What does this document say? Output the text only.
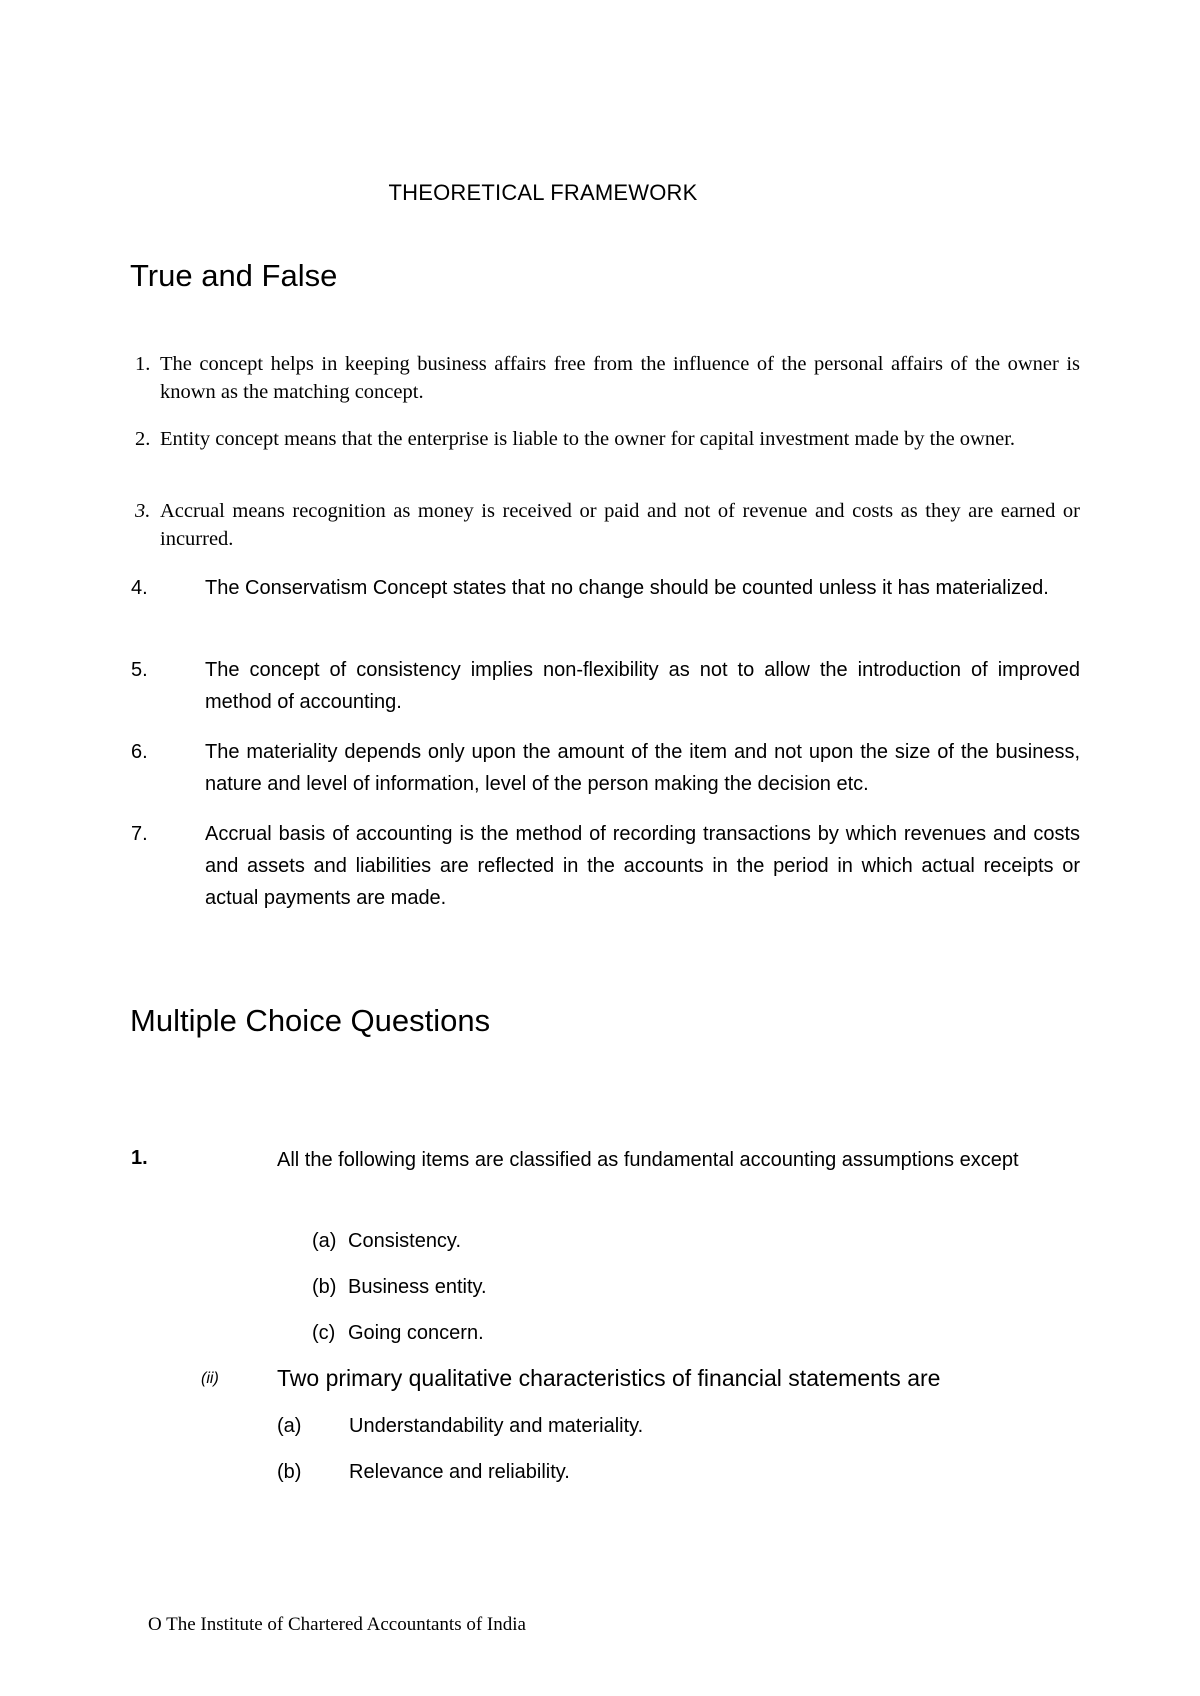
THEORETICAL FRAMEWORK
True and False
1. The concept helps in keeping business affairs free from the influence of the personal affairs of the owner is known as the matching concept.
2. Entity concept means that the enterprise is liable to the owner for capital investment made by the owner.
3. Accrual means recognition as money is received or paid and not of revenue and costs as they are earned or incurred.
4.	The Conservatism Concept states that no change should be counted unless it has materialized.
5.	The concept of consistency implies non-flexibility as not to allow the introduction of improved method of accounting.
6.	The materiality depends only upon the amount of the item and not upon the size of the business, nature and level of information, level of the person making the decision etc.
7.	Accrual basis of accounting is the method of recording transactions by which revenues and costs and assets and liabilities are reflected in the accounts in the period in which actual receipts or actual payments are made.
Multiple Choice Questions
1.	All the following items are classified as fundamental accounting assumptions except
(a) Consistency.
(b) Business entity.
(c) Going concern.
(ii)	Two primary qualitative characteristics of financial statements are
(a) Understandability and materiality.
(b) Relevance and reliability.
O The Institute of Chartered Accountants of India
